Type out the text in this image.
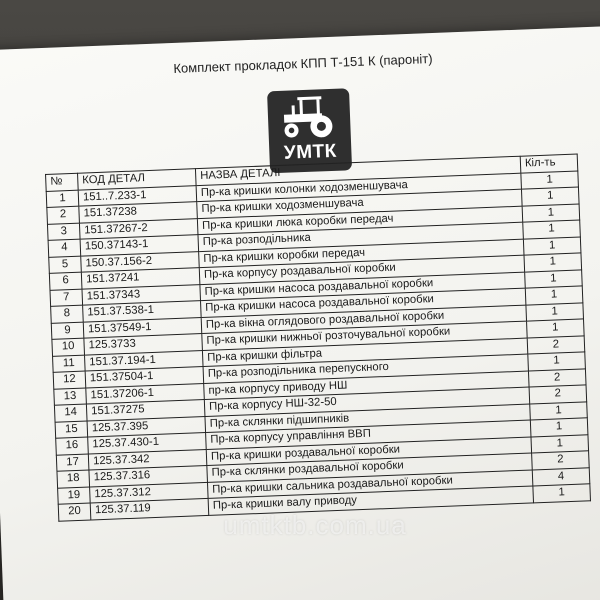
Комплект прокладок КПП Т-151 К (паронiт)
УМТК
№	КОД ДЕТАЛ	НАЗВА ДЕТАЛI	Кiл-ть
1	151..7.233-1	Пр-ка кришки колонки ходозменшувача	1
2	151.37238	Пр-ка кришки ходозменшувача	1
3	151.37267-2	Пр-ка кришки люка коробки передач	1
4	150.37143-1	Пр-ка розподiльника	1
5	150.37.156-2	Пр-ка кришки коробки передач	1
6	151.37241	Пр-ка корпусу роздавальної коробки	1
7	151.37343	Пр-ка кришки насоса роздавальної коробки	1
8	151.37.538-1	Пр-ка кришки насоса роздавальної коробки	1
9	151.37549-1	Пр-ка вiкна оглядового роздавальної коробки	1
10	125.3733	Пр-ка кришки нижньої розточувальної коробки	1
11	151.37.194-1	Пр-ка кришки фiльтра	2
12	151.37504-1	Пр-ка розподiльника перепускного	1
13	151.37206-1	пр-ка корпусу приводу НШ	2
14	151.37275	Пр-ка корпусу НШ-32-50	2
15	125.37.395	Пр-ка склянки пiдшипникiв	1
16	125.37.430-1	Пр-ка корпусу управлiння ВВП	1
17	125.37.342	Пр-ка кришки роздавальної коробки	1
18	125.37.316	Пр-ка склянки роздавальної коробки	2
19	125.37.312	Пр-ка кришки сальника роздавальної коробки	4
20	125.37.119	Пр-ка кришки валу приводу	1
umtktb.com.ua
